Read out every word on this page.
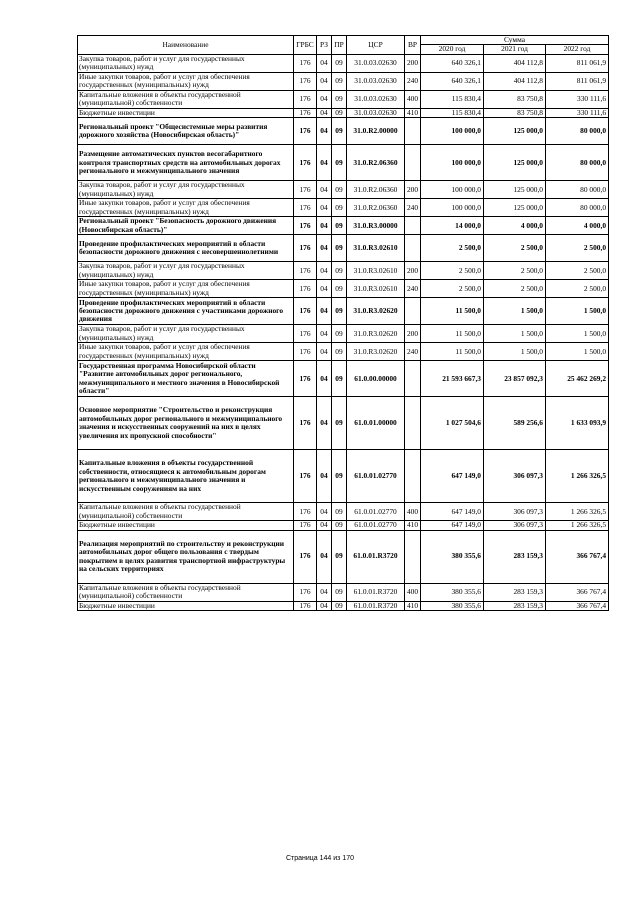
Наименование	ГРБС	РЗ	ПР	ЦСР	ВР	Сумма		
						2020 год	2021 год	2022 год
Закупка товаров, работ и услуг для государственных (муниципальных) нужд	176	04	09	31.0.03.02630	200	640 326,1	404 112,8	811 061,9
Иные закупки товаров, работ и услуг для обеспечения государственных (муниципальных) нужд	176	04	09	31.0.03.02630	240	640 326,1	404 112,8	811 061,9
Капитальные вложения в объекты государственной (муниципальной) собственности	176	04	09	31.0.03.02630	400	115 830,4	83 750,8	330 111,6
Бюджетные инвестиции	176	04	09	31.0.03.02630	410	115 830,4	83 750,8	330 111,6
Региональный проект "Общесистемные меры развития дорожного хозяйства (Новосибирская область)"	176	04	09	31.0.R2.00000		100 000,0	125 000,0	80 000,0
Размещение автоматических пунктов весогабаритного контроля транспортных средств на автомобильных дорогах регионального и межмуниципального значения	176	04	09	31.0.R2.06360		100 000,0	125 000,0	80 000,0
Закупка товаров, работ и услуг для государственных (муниципальных) нужд	176	04	09	31.0.R2.06360	200	100 000,0	125 000,0	80 000,0
Иные закупки товаров, работ и услуг для обеспечения государственных (муниципальных) нужд	176	04	09	31.0.R2.06360	240	100 000,0	125 000,0	80 000,0
Региональный проект "Безопасность дорожного движения (Новосибирская область)"	176	04	09	31.0.R3.00000		14 000,0	4 000,0	4 000,0
Проведение профилактических мероприятий в области безопасности дорожного движения с несовершеннолетними	176	04	09	31.0.R3.02610		2 500,0	2 500,0	2 500,0
Закупка товаров, работ и услуг для государственных (муниципальных) нужд	176	04	09	31.0.R3.02610	200	2 500,0	2 500,0	2 500,0
Иные закупки товаров, работ и услуг для обеспечения государственных (муниципальных) нужд	176	04	09	31.0.R3.02610	240	2 500,0	2 500,0	2 500,0
Проведение профилактических мероприятий в области безопасности дорожного движения с участниками дорожного движения	176	04	09	31.0.R3.02620		11 500,0	1 500,0	1 500,0
Закупка товаров, работ и услуг для государственных (муниципальных) нужд	176	04	09	31.0.R3.02620	200	11 500,0	1 500,0	1 500,0
Иные закупки товаров, работ и услуг для обеспечения государственных (муниципальных) нужд	176	04	09	31.0.R3.02620	240	11 500,0	1 500,0	1 500,0
Государственная программа Новосибирской области "Развитие автомобильных дорог регионального, межмуниципального и местного значения в Новосибирской области"	176	04	09	61.0.00.00000		21 593 667,3	23 857 092,3	25 462 269,2
Основное мероприятие "Строительство и реконструкция автомобильных дорог регионального и межмуниципального значения и искусственных сооружений на них в целях увеличения их пропускной способности"	176	04	09	61.0.01.00000		1 027 504,6	589 256,6	1 633 093,9
Капитальные вложения в объекты государственной собственности, относящиеся к автомобильным дорогам регионального и межмуниципального значения и искусственным сооружениям на них	176	04	09	61.0.01.02770		647 149,0	306 097,3	1 266 326,5
Капитальные вложения в объекты государственной (муниципальной) собственности	176	04	09	61.0.01.02770	400	647 149,0	306 097,3	1 266 326,5
Бюджетные инвестиции	176	04	09	61.0.01.02770	410	647 149,0	306 097,3	1 266 326,5
Реализация мероприятий по строительству и реконструкции автомобильных дорог общего пользования с твердым покрытием в целях развития транспортной инфраструктуры на сельских территориях	176	04	09	61.0.01.R3720		380 355,6	283 159,3	366 767,4
Капитальные вложения в объекты государственной (муниципальной) собственности	176	04	09	61.0.01.R3720	400	380 355,6	283 159,3	366 767,4
Бюджетные инвестиции	176	04	09	61.0.01.R3720	410	380 355,6	283 159,3	366 767,4
Страница 144 из 170
